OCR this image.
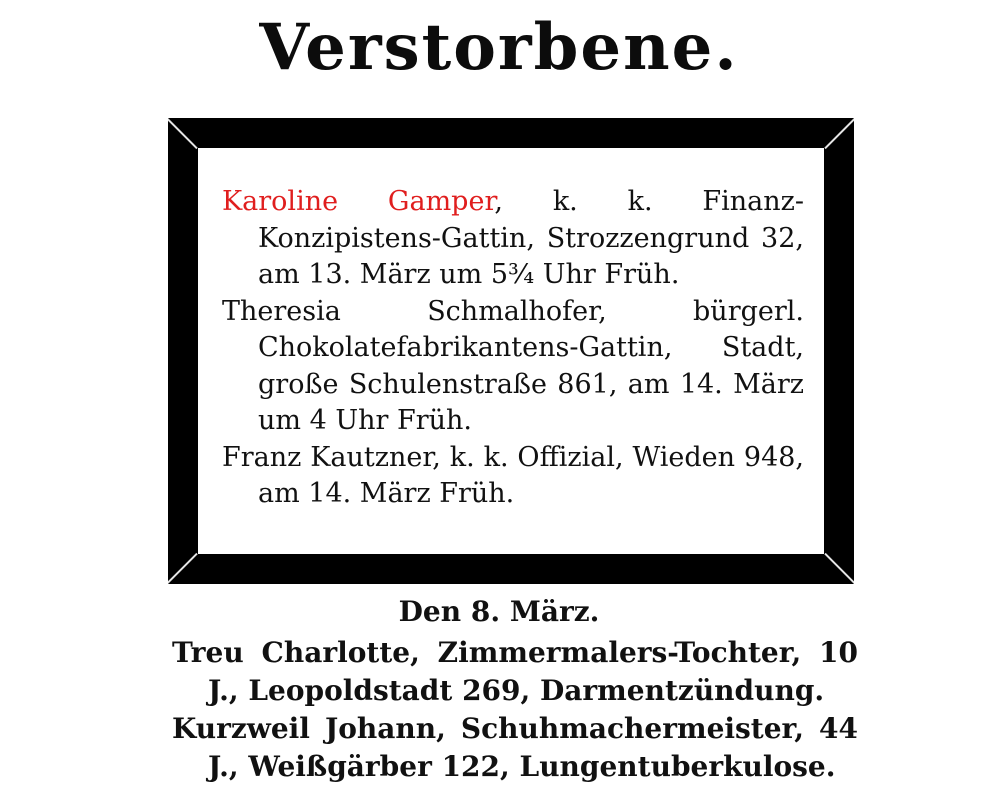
Verstorbene.

Karoline Gamper, k. k. Finanz-Konzipistens-Gattin, Strozzengrund 32, am 13. März um 5¾ Uhr Früh.

Theresia Schmalhofer, bürgerl. Chokolatefabrikantens-Gattin, Stadt, große Schulenstraße 861, am 14. März um 4 Uhr Früh.

Franz Kautzner, k. k. Offizial, Wieden 948, am 14. März Früh.

Den 8. März.

Treu Charlotte, Zimmermalers-Tochter, 10 J., Leopoldstadt 269, Darmentzündung.

Kurzweil Johann, Schuhmachermeister, 44 J., Weißgärber 122, Lungentuberkulose.
